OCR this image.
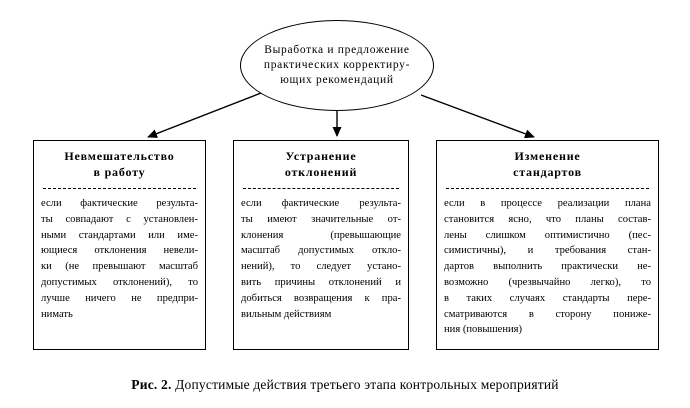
Выработка и предложение
практических корректиру-
ющих рекомендаций
Невмешательство
в работу
если фактические результа-
ты совпадают с установлен-
ными стандартами или име-
ющиеся отклонения невели-
ки (не превышают масштаб
допустимых отклонений), то
лучше ничего не предпри-
нимать
Устранение
отклонений
если фактические результа-
ты имеют значительные от-
клонения (превышающие
масштаб допустимых откло-
нений), то следует устано-
вить причины отклонений и
добиться возвращения к пра-
вильным действиям
Изменение
стандартов
если в процессе реализации плана
становится ясно, что планы состав-
лены слишком оптимистично (пес-
симистичны), и требования стан-
дартов выполнить практически не-
возможно (чрезвычайно легко), то
в таких случаях стандарты пере-
сматриваются в сторону пониже-
ния (повышения)
Рис. 2. Допустимые действия третьего этапа контрольных мероприятий
